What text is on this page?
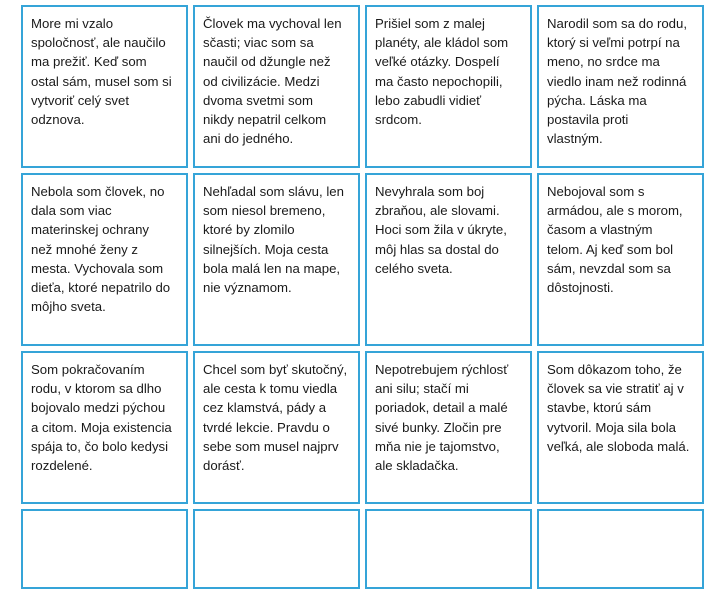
More mi vzalo
spoločnosť, ale naučilo
ma prežiť. Keď som
ostal sám, musel som si
vytvoriť celý svet
odznova.

Človek ma vychoval len
sčasti; viac som sa
naučil od džungle než
od civilizácie. Medzi
dvoma svetmi som
nikdy nepatril celkom
ani do jedného.

Prišiel som z malej
planéty, ale kládol som
veľké otázky. Dospelí
ma často nepochopili,
lebo zabudli vidieť
srdcom.

Narodil som sa do rodu,
ktorý si veľmi potrpí na
meno, no srdce ma
viedlo inam než rodinná
pýcha. Láska ma
postavila proti
vlastným.

Nebola som človek, no
dala som viac
materinskej ochrany
než mnohé ženy z
mesta. Vychovala som
dieťa, ktoré nepatrilo do
môjho sveta.

Nehľadal som slávu, len
som niesol bremeno,
ktoré by zlomilo
silnejších. Moja cesta
bola malá len na mape,
nie významom.

Nevyhrala som boj
zbraňou, ale slovami.
Hoci som žila v úkryte,
môj hlas sa dostal do
celého sveta.

Nebojoval som s
armádou, ale s morom,
časom a vlastným
telom. Aj keď som bol
sám, nevzdal som sa
dôstojnosti.

Som pokračovaním
rodu, v ktorom sa dlho
bojovalo medzi pýchou
a citom. Moja existencia
spája to, čo bolo kedysi
rozdelené.

Chcel som byť skutočný,
ale cesta k tomu viedla
cez klamstvá, pády a
tvrdé lekcie. Pravdu o
sebe som musel najprv
dorásť.

Nepotrebujem rýchlosť
ani silu; stačí mi
poriadok, detail a malé
sivé bunky. Zločin pre
mňa nie je tajomstvo,
ale skladačka.

Som dôkazom toho, že
človek sa vie stratiť aj v
stavbe, ktorú sám
vytvoril. Moja sila bola
veľká, ale sloboda malá.
